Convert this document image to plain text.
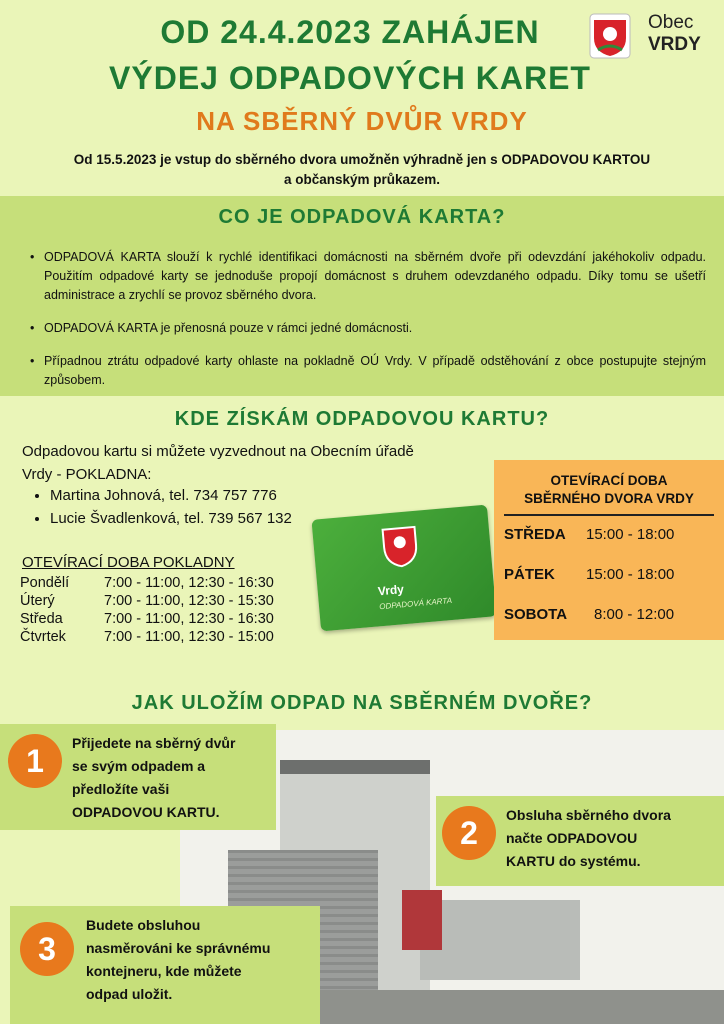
OD 24.4.2023 ZAHÁJEN
VÝDEJ ODPADOVÝCH KARET
NA SBĚRNÝ DVŮR VRDY
Obec
VRDY
Od 15.5.2023 je vstup do sběrného dvora umožněn výhradně jen s ODPADOVOU KARTOU
a občanským průkazem.
CO JE ODPADOVÁ KARTA?
• ODPADOVÁ KARTA slouží k rychlé identifikaci domácnosti na sběrném dvoře při odevzdání jakéhokoliv odpadu. Použitím odpadové karty se jednoduše propojí domácnost s druhem odevzdaného odpadu. Díky tomu se ušetří administrace a zrychlí se provoz sběrného dvora.
• ODPADOVÁ KARTA je přenosná pouze v rámci jedné domácnosti.
• Případnou ztrátu odpadové karty ohlaste na pokladně OÚ Vrdy. V případě odstěhování z obce postupujte stejným způsobem.
KDE ZÍSKÁM ODPADOVOU KARTU?
Odpadovou kartu si můžete vyzvednout na Obecním úřadě
Vrdy - POKLADNA:
• Martina Johnová, tel. 734 757 776
• Lucie Švadlenková, tel. 739 567 132
OTEVÍRACÍ DOBA POKLADNY
Pondělí	7:00 - 11:00, 12:30 - 16:30
Úterý	7:00 - 11:00, 12:30 - 15:30
Středa	7:00 - 11:00, 12:30 - 16:30
Čtvrtek	7:00 - 11:00, 12:30 - 15:00
Vrdy
ODPADOVÁ KARTA
OTEVÍRACÍ DOBA
SBĚRNÉHO DVORA VRDY
STŘEDA 15:00 - 18:00
PÁTEK 15:00 - 18:00
SOBOTA 8:00 - 12:00
JAK ULOŽÍM ODPAD NA SBĚRNÉM DVOŘE?
1	Přijedete na sběrný dvůr
se svým odpadem a
předložíte vaši
ODPADOVOU KARTU.
2	Obsluha sběrného dvora
načte ODPADOVOU
KARTU do systému.
3
Budete obsluhou
nasměrováni ke správnému
kontejneru, kde můžete
odpad uložit.
